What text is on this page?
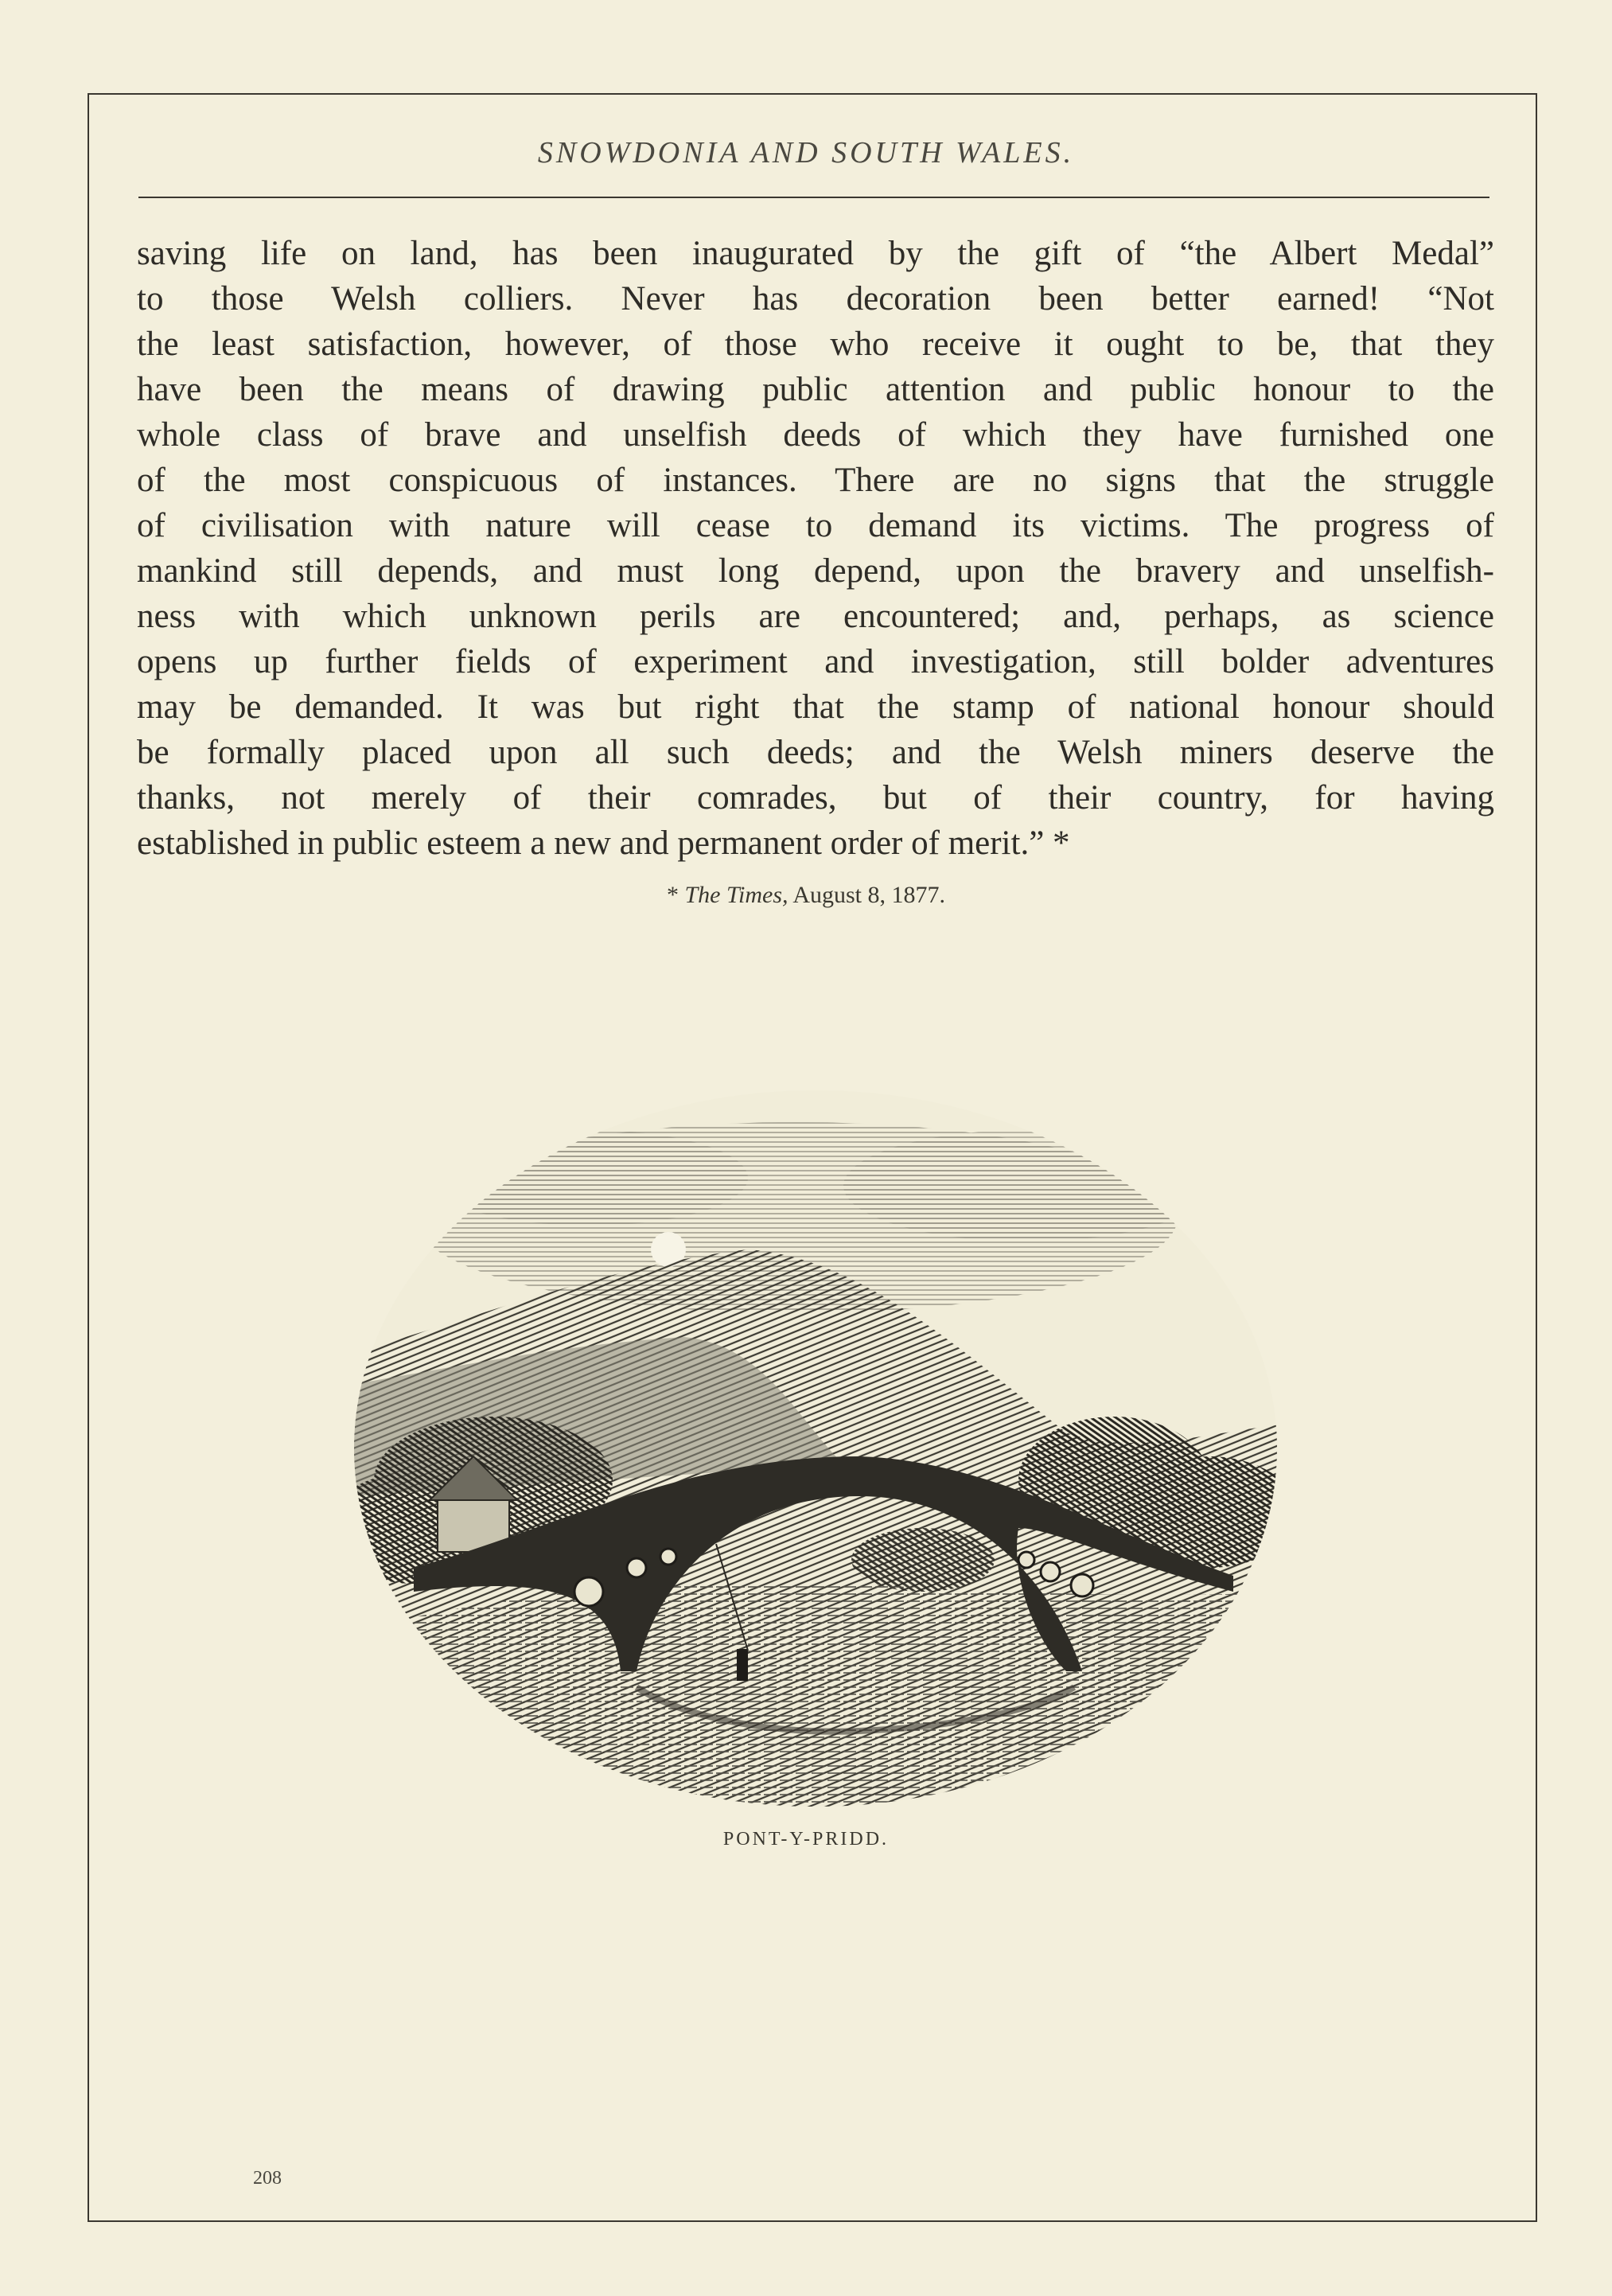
SNOWDONIA AND SOUTH WALES.
saving life on land, has been inaugurated by the gift of “the Albert Medal”
to those Welsh colliers. Never has decoration been better earned! “Not
the least satisfaction, however, of those who receive it ought to be, that they
have been the means of drawing public attention and public honour to the
whole class of brave and unselfish deeds of which they have furnished one
of the most conspicuous of instances. There are no signs that the struggle
of civilisation with nature will cease to demand its victims. The progress of
mankind still depends, and must long depend, upon the bravery and unselfish-
ness with which unknown perils are encountered; and, perhaps, as science
opens up further fields of experiment and investigation, still bolder adventures
may be demanded. It was but right that the stamp of national honour should
be formally placed upon all such deeds; and the Welsh miners deserve the
thanks, not merely of their comrades, but of their country, for having
established in public esteem a new and permanent order of merit.” *
* The Times, August 8, 1877.
PONT-Y-PRIDD.
208
